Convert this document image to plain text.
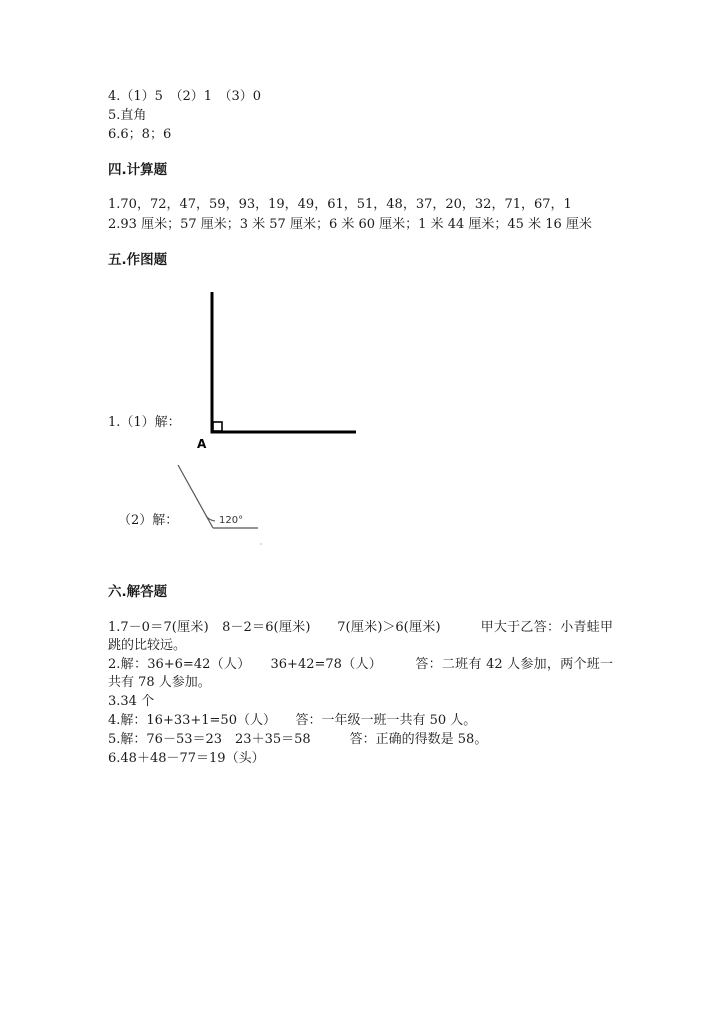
4.（1）5　（2）1　（3）0
5.直角
6.6；8；6
四.计算题
1.70，72，47，59，93，19，49，61，51，48，37，20，32，71，67，1
2.93 厘米；57 厘米；3 米 57 厘米；6 米 60 厘米；1 米 44 厘米；45 米 16 厘米
五.作图题
1.（1）解：
A
（2）解：	120°
六.解答题
1.7－0＝7(厘米)　8－2＝6(厘米)　　7(厘米)＞6(厘米)　　　甲大于乙答：小青蛙甲跳的比较远。
2.解：36+6=42（人）　　36+42=78（人）　　　答：二班有 42 人参加，两个班一共有 78 人参加。
3.34 个
4.解：16+33+1=50（人）　　答：一年级一班一共有 50 人。
5.解：76－53＝23　23＋35＝58　　　答：正确的得数是 58。
6.48＋48－77＝19（头）
